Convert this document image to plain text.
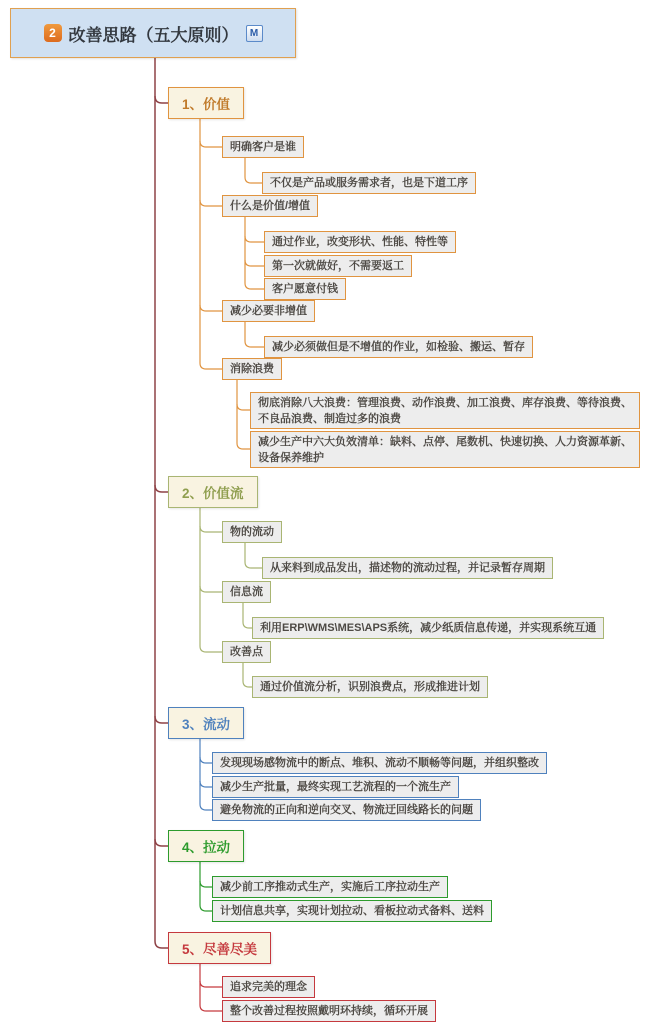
2 改善思路（五大原则）	M
1、价值
明确客户是谁
不仅是产品或服务需求者，也是下道工序
什么是价值/增值
通过作业，改变形状、性能、特性等
第一次就做好，不需要返工
客户愿意付钱
减少必要非增值
减少必须做但是不增值的作业，如检验、搬运、暂存
消除浪费
彻底消除八大浪费：管理浪费、动作浪费、加工浪费、库存浪费、等待浪费、不良品浪费、制造过多的浪费
减少生产中六大负效清单：缺料、点停、尾数机、快速切换、人力资源革新、设备保养维护
2、价值流
物的流动
从来料到成品发出，描述物的流动过程，并记录暂存周期
信息流
利用ERP\WMS\MES\APS系统，减少纸质信息传递，并实现系统互通
改善点
通过价值流分析，识别浪费点，形成推进计划
3、流动
发现现场感物流中的断点、堆积、流动不顺畅等问题，并组织整改
减少生产批量，最终实现工艺流程的一个流生产
避免物流的正向和逆向交叉、物流迂回线路长的问题
4、拉动
减少前工序推动式生产，实施后工序拉动生产
计划信息共享，实现计划拉动、看板拉动式备料、送料
5、尽善尽美
追求完美的理念
整个改善过程按照戴明环持续，循环开展
